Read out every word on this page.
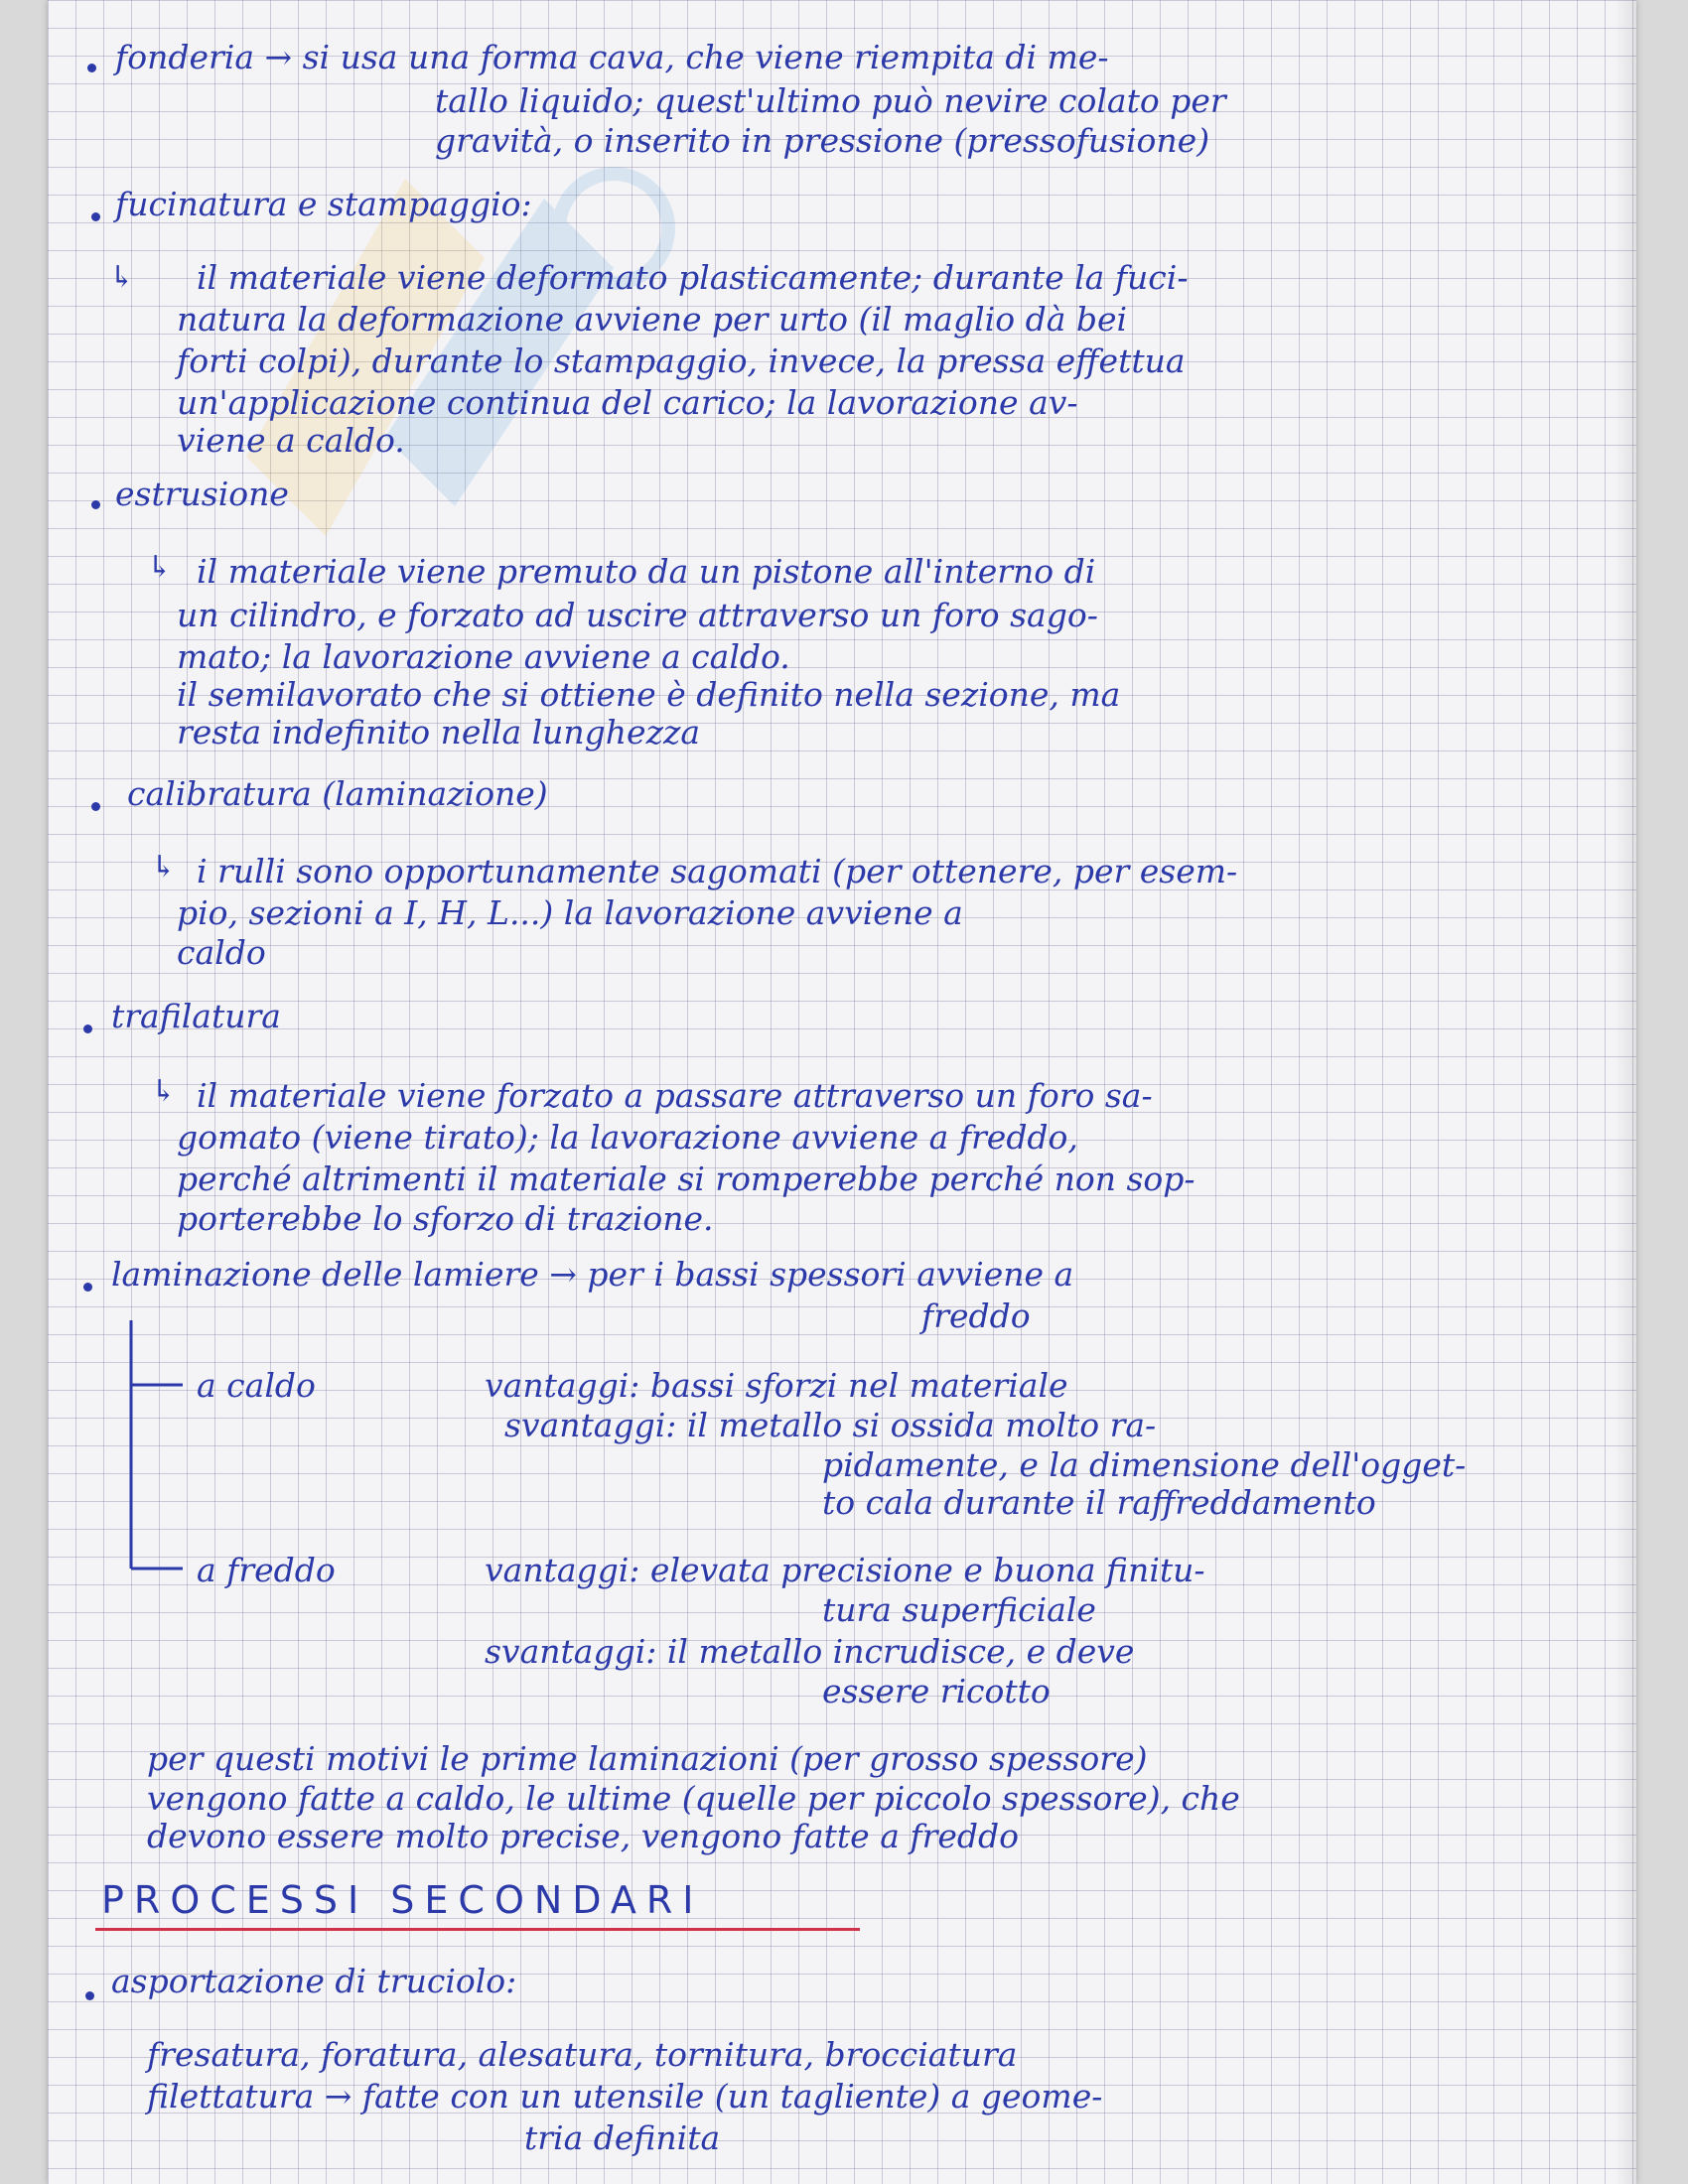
fonderia → si usa una forma cava, che viene riempita di me-
tallo liquido; quest'ultimo può nevire colato per
gravità, o inserito in pressione (pressofusione)
fucinatura e stampaggio:
↳ il materiale viene deformato plasticamente; durante la fuci-
natura la deformazione avviene per urto (il maglio dà bei
forti colpi), durante lo stampaggio, invece, la pressa effettua
un'applicazione continua del carico; la lavorazione av-
viene a caldo.
estrusione
↳ il materiale viene premuto da un pistone all'interno di
un cilindro, e forzato ad uscire attraverso un foro sago-
mato; la lavorazione avviene a caldo.
il semilavorato che si ottiene è definito nella sezione, ma
resta indefinito nella lunghezza
calibratura (laminazione)
↳ i rulli sono opportunamente sagomati (per ottenere, per esem-
pio, sezioni a I, H, L...) la lavorazione avviene a
caldo
trafilatura
↳ il materiale viene forzato a passare attraverso un foro sa-
gomato (viene tirato); la lavorazione avviene a freddo,
perché altrimenti il materiale si romperebbe perché non sop-
porterebbe lo sforzo di trazione.
laminazione delle lamiere → per i bassi spessori avviene a
freddo
a caldo	vantaggi: bassi sforzi nel materiale
svantaggi: il metallo si ossida molto ra-
pidamente, e la dimensione dell'ogget-
to cala durante il raffreddamento
a freddo	vantaggi: elevata precisione e buona finitu-
tura superficiale
svantaggi: il metallo incrudisce, e deve
essere ricotto
per questi motivi le prime laminazioni (per grosso spessore)
vengono fatte a caldo, le ultime (quelle per piccolo spessore), che
devono essere molto precise, vengono fatte a freddo
PROCESSI SECONDARI
asportazione di truciolo:
fresatura, foratura, alesatura, tornitura, brocciatura
filettatura → fatte con un utensile (un tagliente) a geome-
tria definita
